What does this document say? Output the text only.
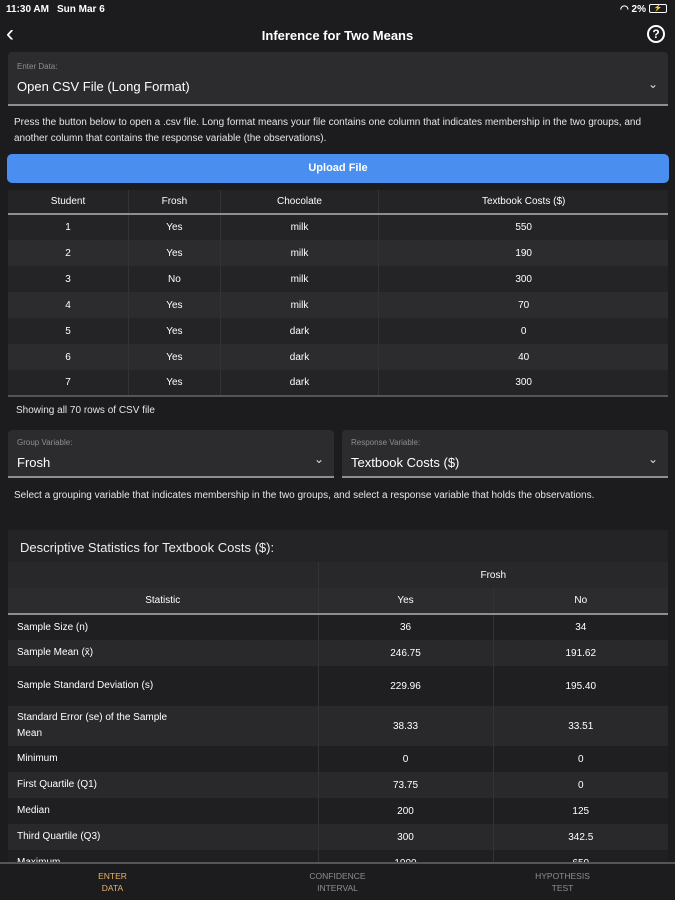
11:30 AM Sun Mar 6	◠ 2% ⚡
‹	Inference for Two Means	?
Enter Data:
Open CSV File (Long Format)	⌄
Press the button below to open a .csv file. Long format means your file contains one column that indicates membership in the two groups, and another column that contains the response variable (the observations).
Upload File
Student	Frosh	Chocolate	Textbook Costs ($)
1	Yes	milk	550
2	Yes	milk	190
3	No	milk	300
4	Yes	milk	70
5	Yes	dark	0
6	Yes	dark	40
7	Yes	dark	300
Showing all 70 rows of CSV file
Group Variable:
Frosh	⌄
Response Variable:
Textbook Costs ($)	⌄
Select a grouping variable that indicates membership in the two groups, and select a response variable that holds the observations.
Descriptive Statistics for Textbook Costs ($):
	Frosh	
Statistic	Yes	No
Sample Size (n)	36	34
Sample Mean (x̄)	246.75	191.62
Sample Standard Deviation (s)	229.96	195.40
Standard Error (se) of the Sample Mean	38.33	33.51
Minimum	0	0
First Quartile (Q1)	73.75	0
Median	200	125
Third Quartile (Q3)	300	342.5

ENTER
DATA
CONFIDENCE
INTERVAL
HYPOTHESIS
TEST
